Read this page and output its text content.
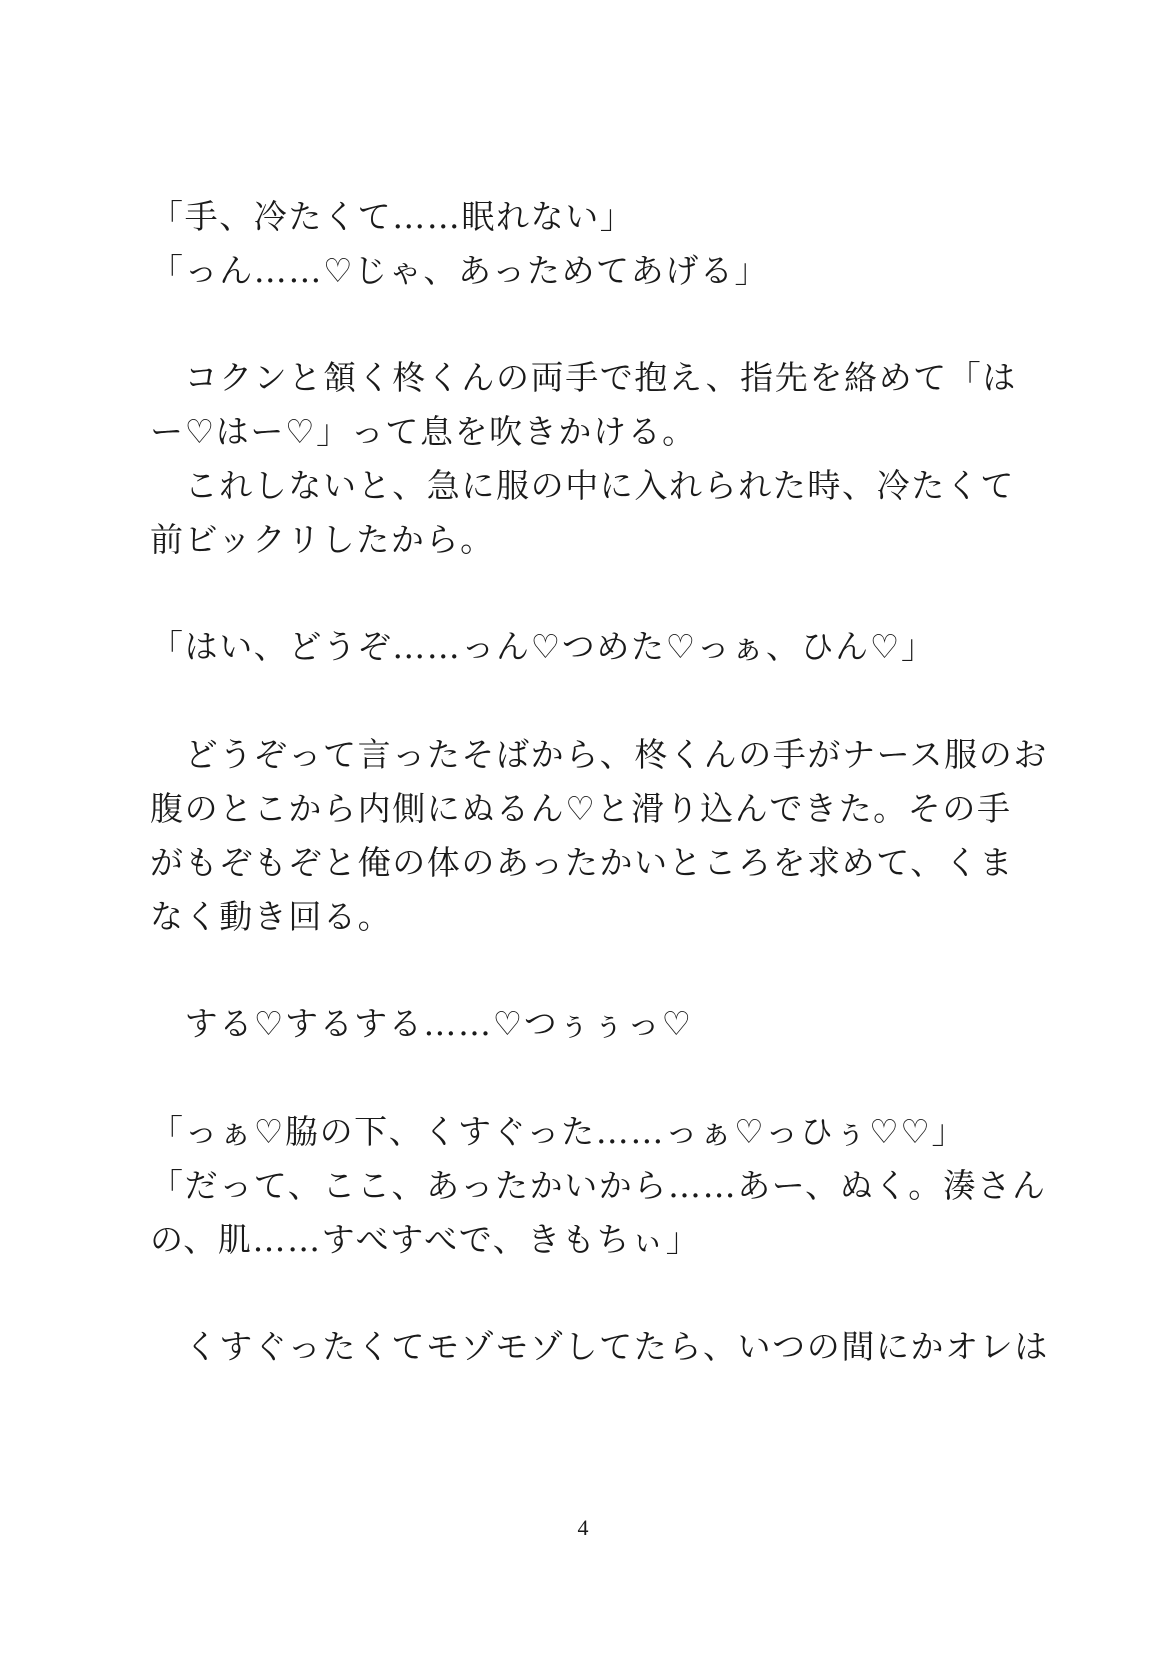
「手、冷たくて……眠れない」
「っん……♡じゃ、あっためてあげる」
　コクンと頷く柊くんの両手で抱え、指先を絡めて「は
ー♡はー♡」って息を吹きかける。
　これしないと、急に服の中に入れられた時、冷たくて
前ビックリしたから。
「はい、どうぞ……っん♡つめた♡っぁ、ひん♡」
　どうぞって言ったそばから、柊くんの手がナース服のお
腹のとこから内側にぬるん♡と滑り込んできた。その手
がもぞもぞと俺の体のあったかいところを求めて、くま
なく動き回る。
　する♡するする……♡つぅぅっ♡
「っぁ♡脇の下、くすぐった……っぁ♡っひぅ♡♡」
「だって、ここ、あったかいから……あー、ぬく。湊さん
の、肌……すべすべで、きもちぃ」
　くすぐったくてモゾモゾしてたら、いつの間にかオレは
4
